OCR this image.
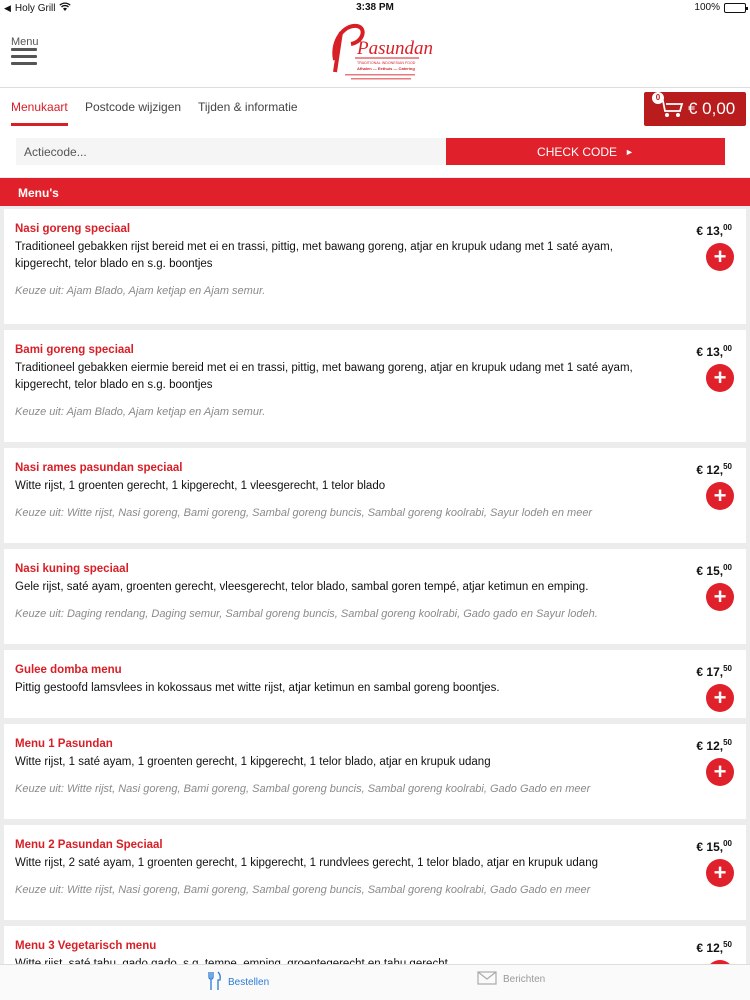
◀ Holy Grill	3:38 PM	100%
Menu	Pasundan
TRADITIONAL INDONESIAN FOOD
Afhalen — Eethuis — Catering
Menukaart Postcode wijzigen Tijden & informatie
0
€ 0,00
Actiecode...
CHECK CODE ►
Menu's
Nasi goreng speciaal
Traditioneel gebakken rijst bereid met ei en trassi, pittig, met bawang goreng, atjar en krupuk udang met 1 saté ayam, kipgerecht, telor blado en s.g. boontjes
Keuze uit: Ajam Blado, Ajam ketjap en Ajam semur.
€ 13,00
+
Bami goreng speciaal
Traditioneel gebakken eiermie bereid met ei en trassi, pittig, met bawang goreng, atjar en krupuk udang met 1 saté ayam, kipgerecht, telor blado en s.g. boontjes
Keuze uit: Ajam Blado, Ajam ketjap en Ajam semur.
€ 13,00
+
Nasi rames pasundan speciaal
Witte rijst, 1 groenten gerecht, 1 kipgerecht, 1 vleesgerecht, 1 telor blado
Keuze uit: Witte rijst, Nasi goreng, Bami goreng, Sambal goreng buncis, Sambal goreng koolrabi, Sayur lodeh en meer
€ 12,50
+
Nasi kuning speciaal
Gele rijst, saté ayam, groenten gerecht, vleesgerecht, telor blado, sambal goren tempé, atjar ketimun en emping.
Keuze uit: Daging rendang, Daging semur, Sambal goreng buncis, Sambal goreng koolrabi, Gado gado en Sayur lodeh.
€ 15,00
+
Gulee domba menu
Pittig gestoofd lamsvlees in kokossaus met witte rijst, atjar ketimun en sambal goreng boontjes.
€ 17,50
+
Menu 1 Pasundan
Witte rijst, 1 saté ayam, 1 groenten gerecht, 1 kipgerecht, 1 telor blado, atjar en krupuk udang
Keuze uit: Witte rijst, Nasi goreng, Bami goreng, Sambal goreng buncis, Sambal goreng koolrabi, Gado Gado en meer
€ 12,50
+
Menu 2 Pasundan Speciaal
Witte rijst, 2 saté ayam, 1 groenten gerecht, 1 kipgerecht, 1 rundvlees gerecht, 1 telor blado, atjar en krupuk udang
Keuze uit: Witte rijst, Nasi goreng, Bami goreng, Sambal goreng buncis, Sambal goreng koolrabi, Gado Gado en meer
€ 15,00
+
Menu 3 Vegetarisch menu	€ 12,50
Bestellen	Berichten
